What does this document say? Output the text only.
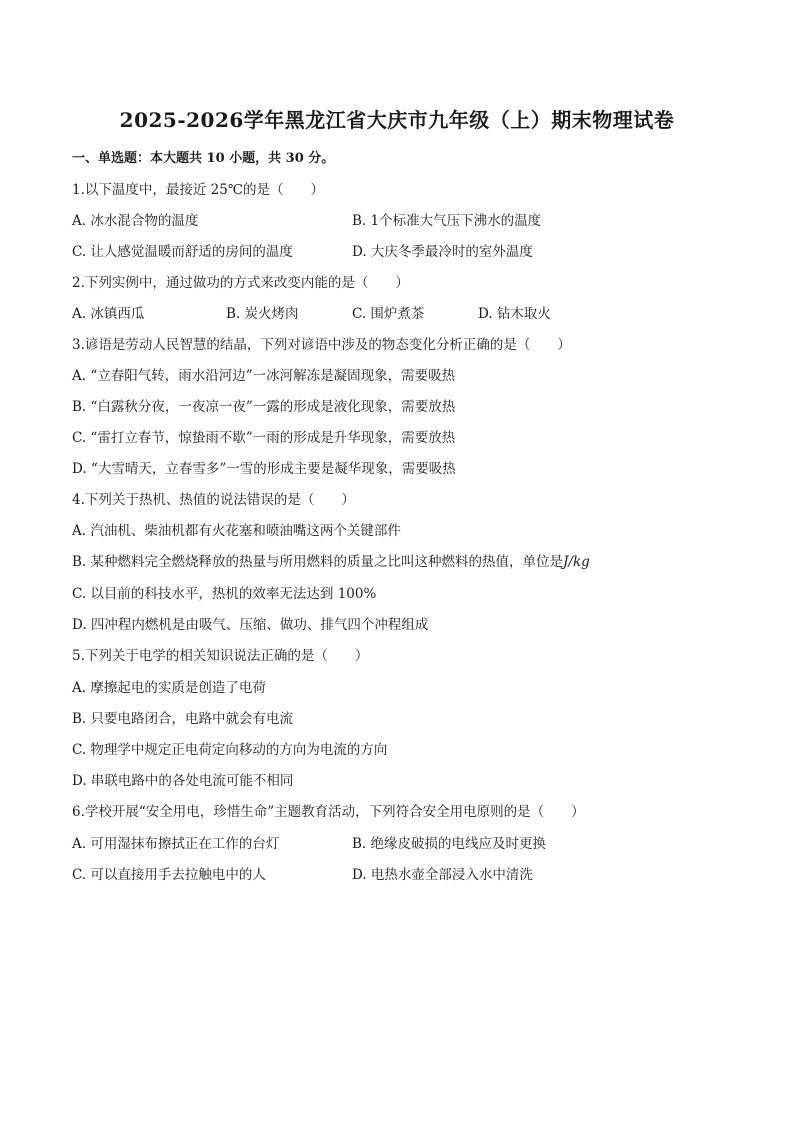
2025-2026学年黑龙江省大庆市九年级（上）期末物理试卷
一、单选题：本大题共 10 小题，共 30 分。
1.以下温度中，最接近 25℃的是（　　）
A. 冰水混合物的温度	B. 1个标准大气压下沸水的温度
C. 让人感觉温暖而舒适的房间的温度	D. 大庆冬季最冷时的室外温度
2.下列实例中，通过做功的方式来改变内能的是（　　）
A. 冰镇西瓜	B. 炭火烤肉	C. 围炉煮茶	D. 钻木取火
3.谚语是劳动人民智慧的结晶，下列对谚语中涉及的物态变化分析正确的是（　　）
A. “立春阳气转，雨水沿河边”一冰河解冻是凝固现象，需要吸热
B. “白露秋分夜，一夜凉一夜”一露的形成是液化现象，需要放热
C. “雷打立春节，惊蛰雨不歇”一雨的形成是升华现象，需要放热
D. “大雪晴天，立春雪多”一雪的形成主要是凝华现象，需要吸热
4.下列关于热机、热值的说法错误的是（　　）
A. 汽油机、柴油机都有火花塞和喷油嘴这两个关键部件
B. 某种燃料完全燃烧释放的热量与所用燃料的质量之比叫这种燃料的热值，单位是J/kg
C. 以目前的科技水平，热机的效率无法达到 100%
D. 四冲程内燃机是由吸气、压缩、做功、排气四个冲程组成
5.下列关于电学的相关知识说法正确的是（　　）
A. 摩擦起电的实质是创造了电荷
B. 只要电路闭合，电路中就会有电流
C. 物理学中规定正电荷定向移动的方向为电流的方向
D. 串联电路中的各处电流可能不相同
6.学校开展“安全用电，珍惜生命”主题教育活动，下列符合安全用电原则的是（　　）
A. 可用湿抹布擦拭正在工作的台灯	B. 绝缘皮破损的电线应及时更换
C. 可以直接用手去拉触电中的人	D. 电热水壶全部浸入水中清洗
